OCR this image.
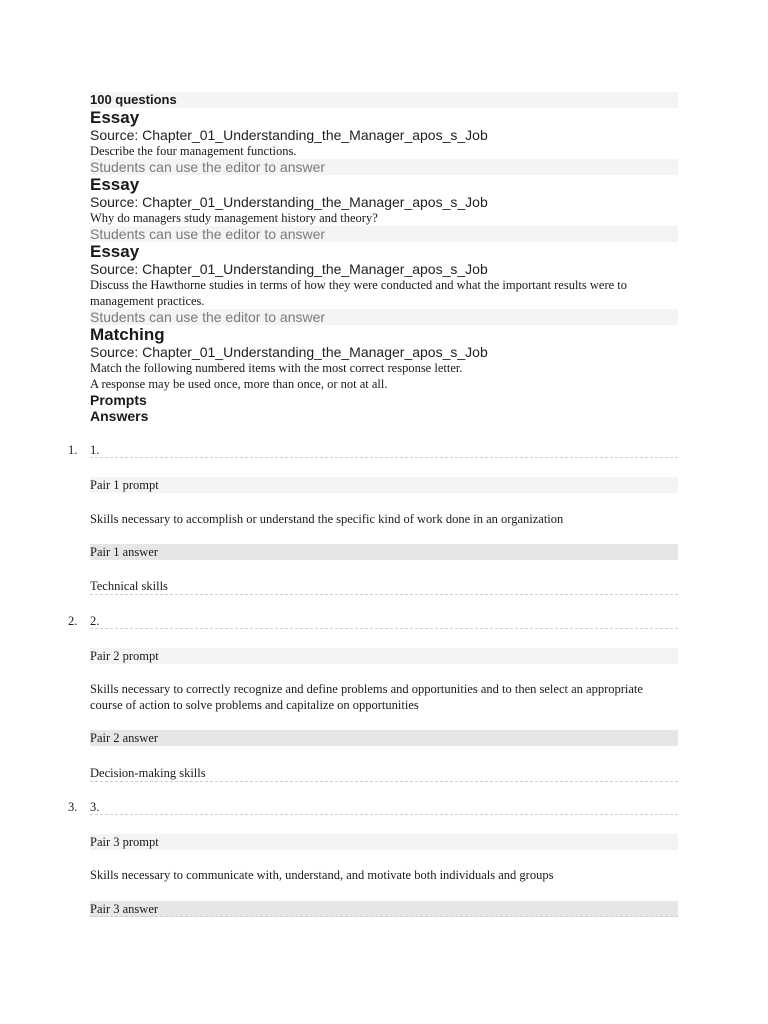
100 questions
Essay
Source: Chapter_01_Understanding_the_Manager_apos_s_Job
Describe the four management functions.
Students can use the editor to answer
Essay
Source: Chapter_01_Understanding_the_Manager_apos_s_Job
Why do managers study management history and theory?
Students can use the editor to answer
Essay
Source: Chapter_01_Understanding_the_Manager_apos_s_Job
Discuss the Hawthorne studies in terms of how they were conducted and what the important results were to management practices.
Students can use the editor to answer
Matching
Source: Chapter_01_Understanding_the_Manager_apos_s_Job
Match the following numbered items with the most correct response letter.
A response may be used once, more than once, or not at all.
Prompts
Answers
1. 1.
Pair 1 prompt
Skills necessary to accomplish or understand the specific kind of work done in an organization
Pair 1 answer
Technical skills
2. 2.
Pair 2 prompt
Skills necessary to correctly recognize and define problems and opportunities and to then select an appropriate course of action to solve problems and capitalize on opportunities
Pair 2 answer
Decision-making skills
3. 3.
Pair 3 prompt
Skills necessary to communicate with, understand, and motivate both individuals and groups
Pair 3 answer
